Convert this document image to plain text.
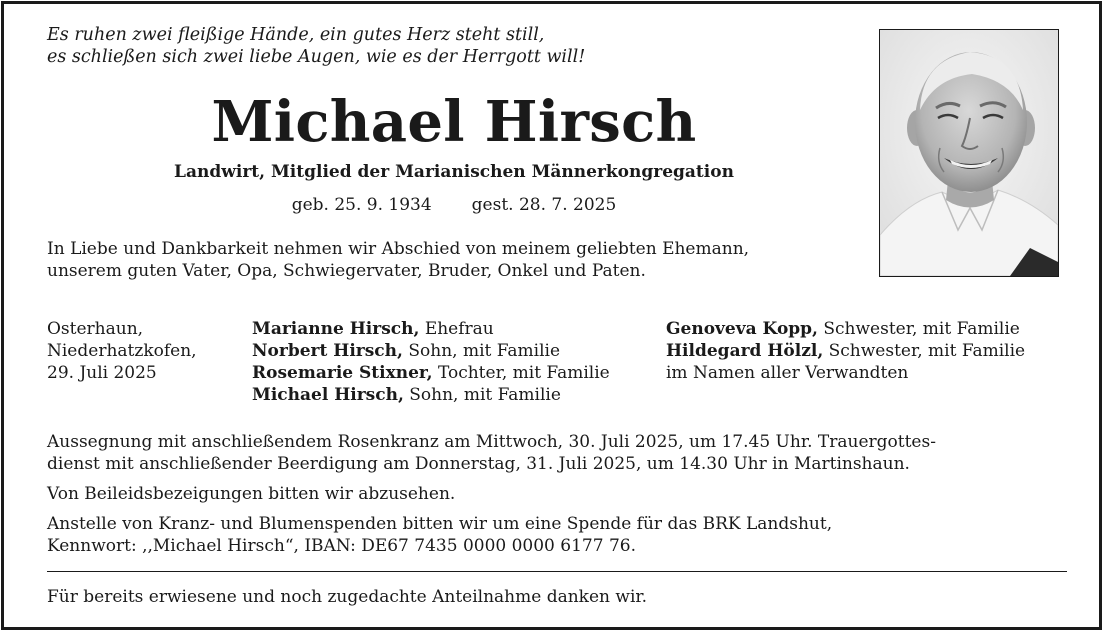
Es ruhen zwei fleißige Hände, ein gutes Herz steht still,
es schließen sich zwei liebe Augen, wie es der Herrgott will!
Michael Hirsch
Landwirt, Mitglied der Marianischen Männerkongregation
geb. 25. 9. 1934 gest. 28. 7. 2025
In Liebe und Dankbarkeit nehmen wir Abschied von meinem geliebten Ehemann,
unserem guten Vater, Opa, Schwiegervater, Bruder, Onkel und Paten.
Osterhaun,
Niederhatzkofen,
29. Juli 2025
Marianne Hirsch, Ehefrau
Norbert Hirsch, Sohn, mit Familie
Rosemarie Stixner, Tochter, mit Familie
Michael Hirsch, Sohn, mit Familie
Genoveva Kopp, Schwester, mit Familie
Hildegard Hölzl, Schwester, mit Familie
im Namen aller Verwandten
Aussegnung mit anschließendem Rosenkranz am Mittwoch, 30. Juli 2025, um 17.45 Uhr. Trauergottes-
dienst mit anschließender Beerdigung am Donnerstag, 31. Juli 2025, um 14.30 Uhr in Martinshaun.
Von Beileidsbezeigungen bitten wir abzusehen.
Anstelle von Kranz- und Blumenspenden bitten wir um eine Spende für das BRK Landshut,
Kennwort: ,,Michael Hirsch“, IBAN: DE67 7435 0000 0000 6177 76.
Für bereits erwiesene und noch zugedachte Anteilnahme danken wir.
